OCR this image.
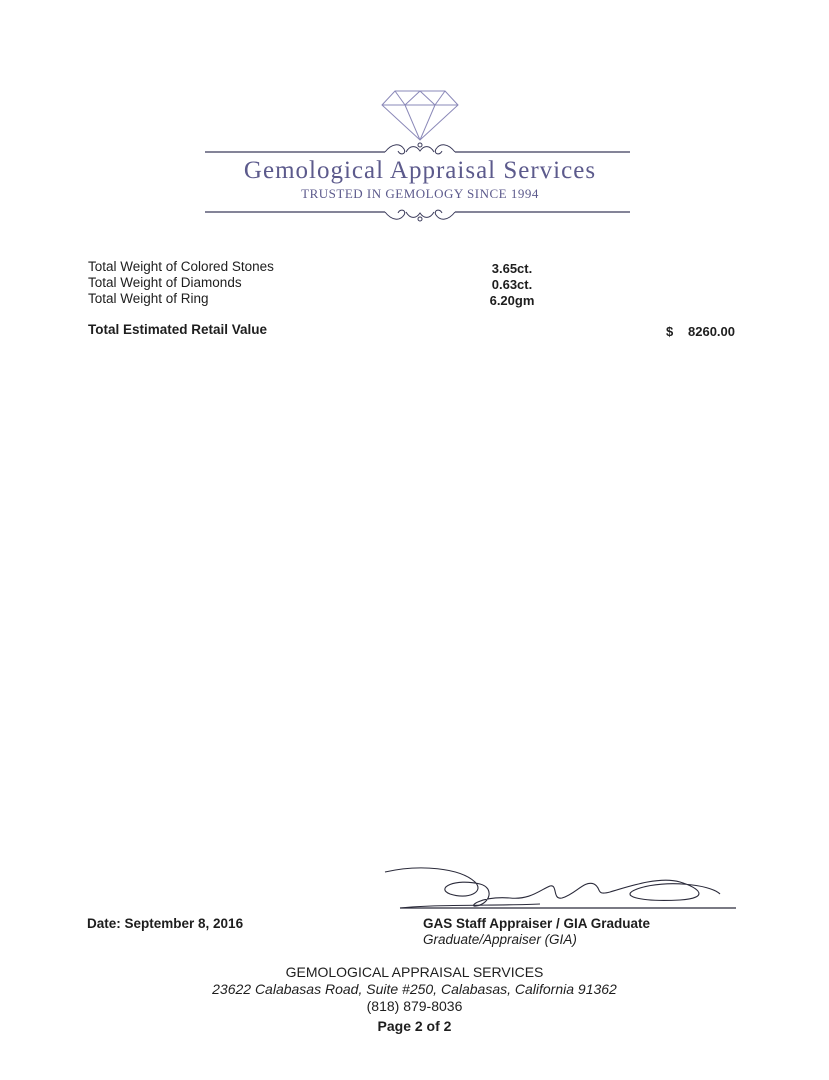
Gemological Appraisal Services
TRUSTED IN GEMOLOGY SINCE 1994
Total Weight of Colored Stones	3.65ct.
Total Weight of Diamonds	0.63ct.
Total Weight of Ring	6.20gm
Total Estimated Retail Value	$ 8260.00
Date: September 8, 2016	GAS Staff Appraiser / GIA Graduate
Graduate/Appraiser (GIA)
GEMOLOGICAL APPRAISAL SERVICES
23622 Calabasas Road, Suite #250, Calabasas, California 91362
(818) 879-8036
Page 2 of 2
